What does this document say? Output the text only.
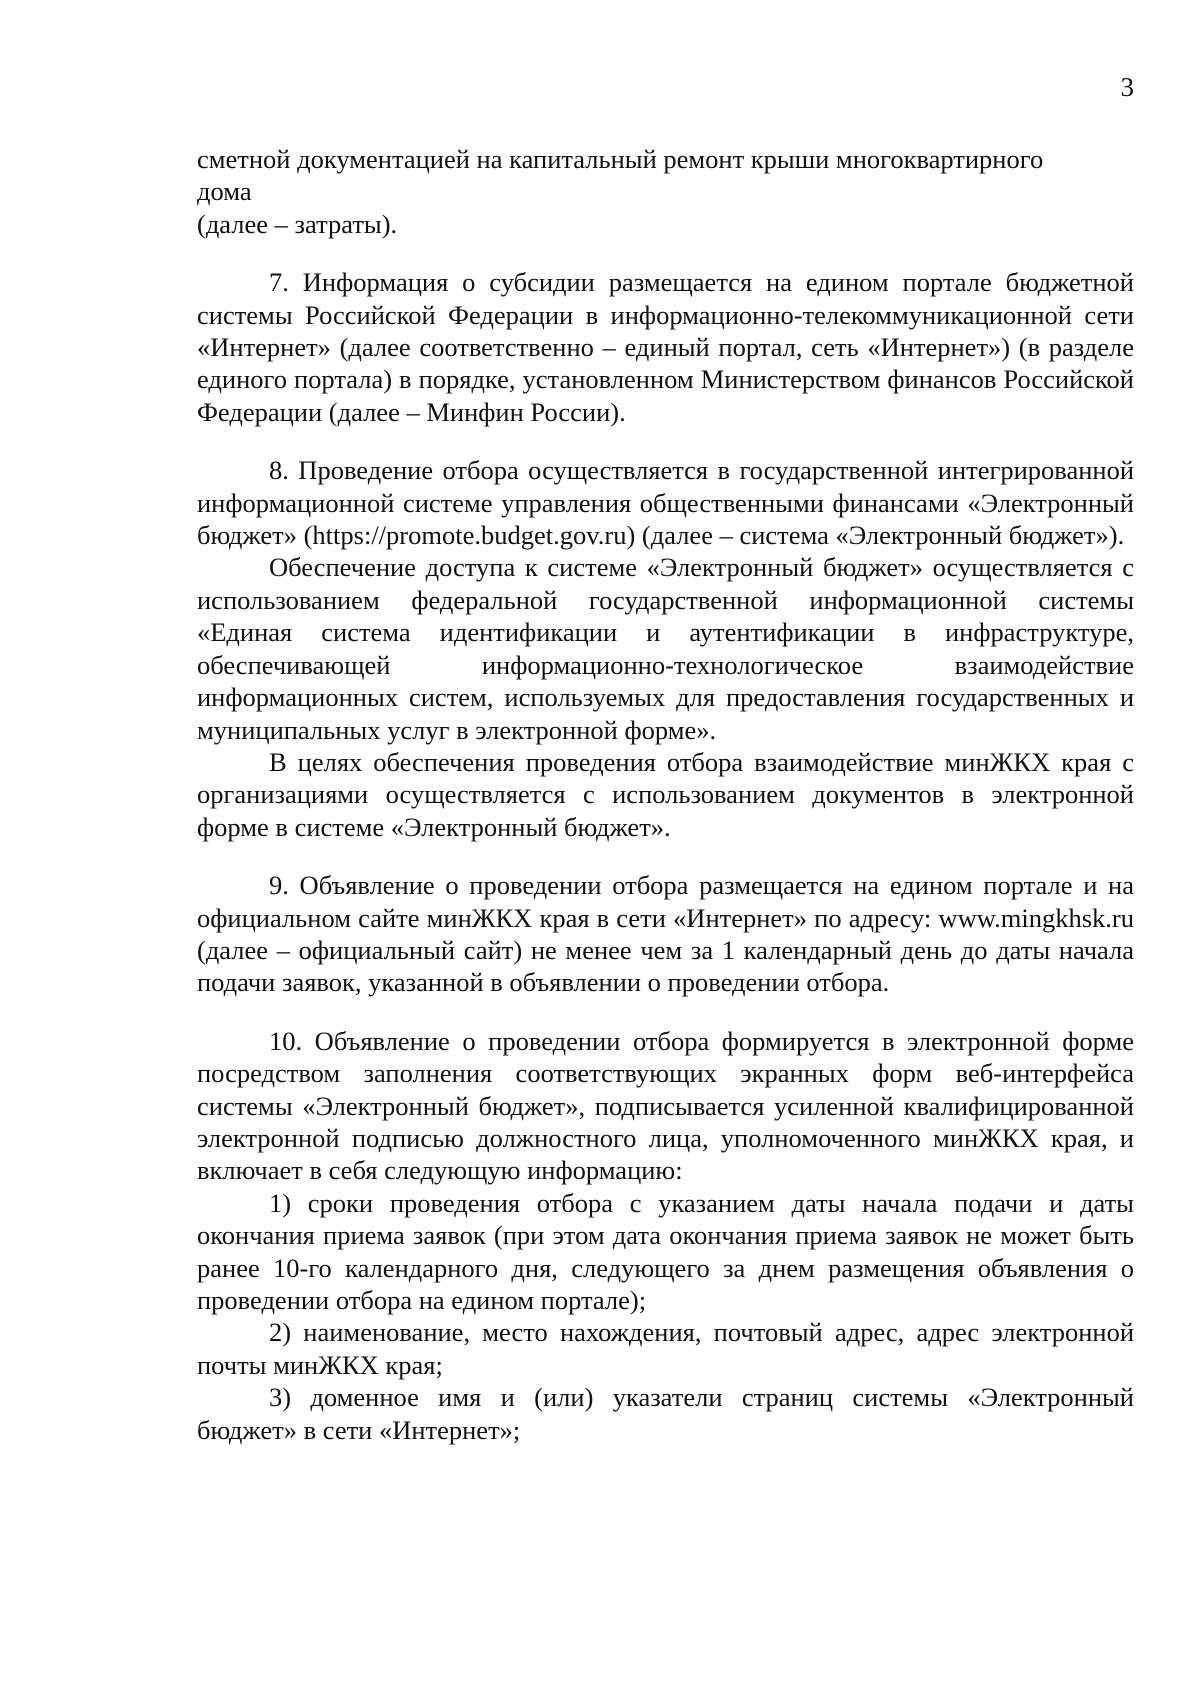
3

сметной документацией на капитальный ремонт крыши многоквартирного
дома
(далее – затраты).

7. Информация о субсидии размещается на едином портале бюджетной системы Российской Федерации в информационно-телекоммуникационной сети «Интернет» (далее соответственно – единый портал, сеть «Интернет») (в разделе единого портала) в порядке, установленном Министерством финансов Российской Федерации (далее – Минфин России).

8. Проведение отбора осуществляется в государственной интегрированной информационной системе управления общественными финансами «Электронный бюджет» (https://promote.budget.gov.ru) (далее – система «Электронный бюджет»).

Обеспечение доступа к системе «Электронный бюджет» осуществляется с использованием федеральной государственной информационной системы «Единая система идентификации и аутентификации в инфраструктуре, обеспечивающей информационно-технологическое взаимодействие информационных систем, используемых для предоставления государственных и муниципальных услуг в электронной форме».

В целях обеспечения проведения отбора взаимодействие минЖКХ края с организациями осуществляется с использованием документов в электронной форме в системе «Электронный бюджет».

9. Объявление о проведении отбора размещается на едином портале и на официальном сайте минЖКХ края в сети «Интернет» по адресу: www.mingkhsk.ru (далее – официальный сайт) не менее чем за 1 календарный день до даты начала подачи заявок, указанной в объявлении о проведении отбора.

10. Объявление о проведении отбора формируется в электронной форме посредством заполнения соответствующих экранных форм веб-интерфейса системы «Электронный бюджет», подписывается усиленной квалифицированной электронной подписью должностного лица, уполномоченного минЖКХ края, и включает в себя следующую информацию:

1) сроки проведения отбора с указанием даты начала подачи и даты окончания приема заявок (при этом дата окончания приема заявок не может быть ранее 10-го календарного дня, следующего за днем размещения объявления о проведении отбора на едином портале);

2) наименование, место нахождения, почтовый адрес, адрес электронной почты минЖКХ края;

3) доменное имя и (или) указатели страниц системы «Электронный бюджет» в сети «Интернет»;
